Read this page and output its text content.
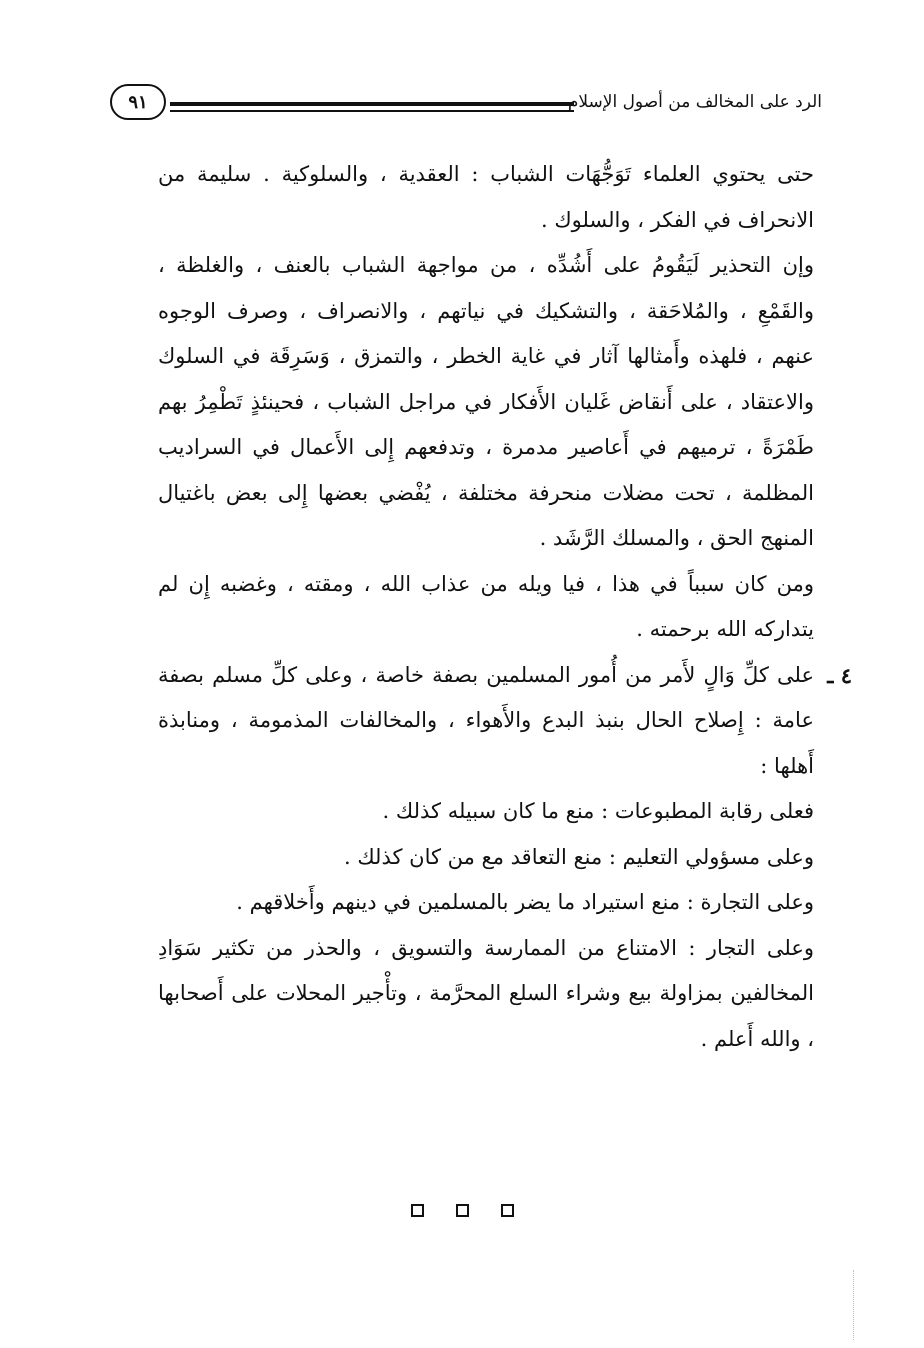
الرد على المخالف من أصول الإسلام
٩١

حتى يحتوي العلماء تَوَجُّهَات الشباب : العقدية ، والسلوكية . سليمة من الانحراف في الفكر ، والسلوك .

وإن التحذير لَيَقُومُ على أَشُدِّه ، من مواجهة الشباب بالعنف ، والغلظة ، والقَمْعِ ، والمُلاحَقة ، والتشكيك في نياتهم ، والانصراف ، وصرف الوجوه عنهم ، فلهذه وأَمثالها آثار في غاية الخطر ، والتمزق ، وَسَرِقَة في السلوك والاعتقاد ، على أَنقاض غَليان الأَفكار في مراجل الشباب ، فحينئذٍ تَطْمِرُ بهم طَمْرَةً ، ترميهم في أَعاصير مدمرة ، وتدفعهم إِلى الأَعمال في السراديب المظلمة ، تحت مضلات منحرفة مختلفة ، يُفْضي بعضها إِلى بعض باغتيال المنهج الحق ، والمسلك الرَّشَد .

ومن كان سبباً في هذا ، فيا ويله من عذاب الله ، ومقته ، وغضبه إِن لم يتداركه الله برحمته .

٤ ـ
على كلِّ وَالٍ لأَمر من أُمور المسلمين بصفة خاصة ، وعلى كلِّ مسلم بصفة عامة : إِصلاح الحال بنبذ البدع والأَهواء ، والمخالفات المذمومة ، ومنابذة أَهلها :

فعلى رقابة المطبوعات : منع ما كان سبيله كذلك .

وعلى مسؤولي التعليم : منع التعاقد مع من كان كذلك .

وعلى التجارة : منع استيراد ما يضر بالمسلمين في دينهم وأَخلاقهم .

وعلى التجار : الامتناع من الممارسة والتسويق ، والحذر من تكثير سَوَادِ المخالفين بمزاولة بيع وشراء السلع المحرَّمة ، وتأْجير المحلات على أَصحابها ، والله أَعلم .
